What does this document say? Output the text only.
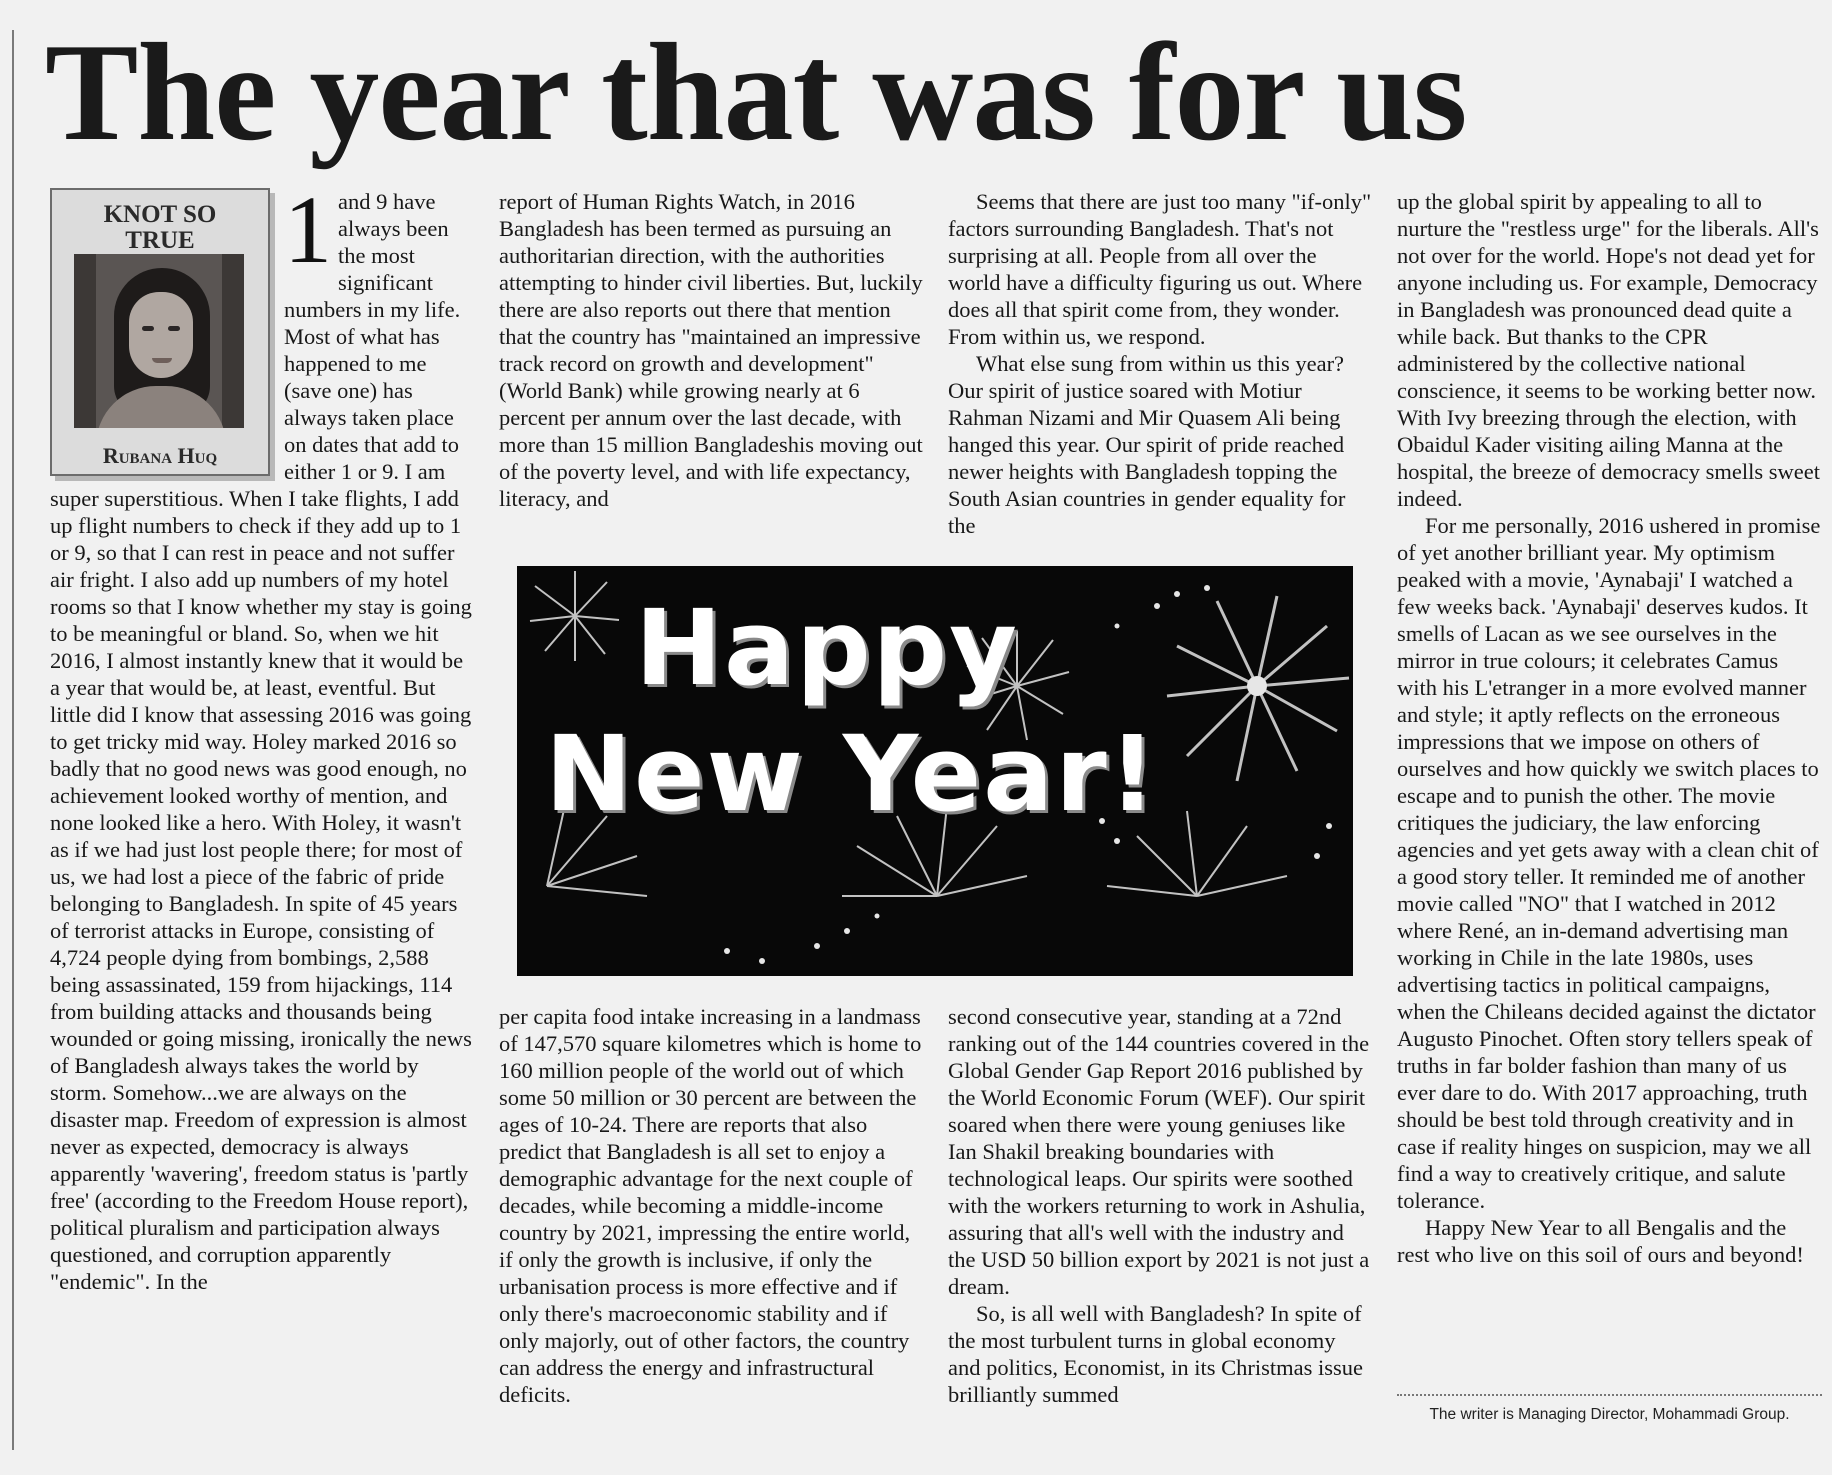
The year that was for us
KNOT SO
TRUE
Rubana Huq
1 and 9 have always been the most significant numbers in my life. Most of what has happened to me (save one) has always taken place on dates that add to either 1 or 9. I am super superstitious. When I take flights, I add up flight numbers to check if they add up to 1 or 9, so that I can rest in peace and not suffer air fright. I also add up numbers of my hotel rooms so that I know whether my stay is going to be meaningful or bland. So, when we hit 2016, I almost instantly knew that it would be a year that would be, at least, eventful. But little did I know that assessing 2016 was going to get tricky mid way. Holey marked 2016 so badly that no good news was good enough, no achievement looked worthy of mention, and none looked like a hero. With Holey, it wasn't as if we had just lost people there; for most of us, we had lost a piece of the fabric of pride belonging to Bangladesh. In spite of 45 years of terrorist attacks in Europe, consisting of 4,724 people dying from bombings, 2,588 being assassinated, 159 from hijackings, 114 from building attacks and thousands being wounded or going missing, ironically the news of Bangladesh always takes the world by storm. Somehow...we are always on the disaster map. Freedom of expression is almost never as expected, democracy is always apparently 'wavering', freedom status is 'partly free' (according to the Freedom House report), political pluralism and participation always questioned, and corruption apparently "endemic". In the

report of Human Rights Watch, in 2016 Bangladesh has been termed as pursuing an authoritarian direction, with the authorities attempting to hinder civil liberties. But, luckily there are also reports out there that mention that the country has "maintained an impressive track record on growth and development"(World Bank) while growing nearly at 6 percent per annum over the last decade, with more than 15 million Bangladeshis moving out of the poverty level, and with life expectancy, literacy, and

per capita food intake increasing in a landmass of 147,570 square kilometres which is home to 160 million people of the world out of which some 50 million or 30 percent are between the ages of 10-24. There are reports that also predict that Bangladesh is all set to enjoy a demographic advantage for the next couple of decades, while becoming a middle-income country by 2021, impressing the entire world, if only the growth is inclusive, if only the urbanisation process is more effective and if only there's macroeconomic stability and if only majorly, out of other factors, the country can address the energy and infrastructural deficits.

Seems that there are just too many "if-only" factors surrounding Bangladesh. That's not surprising at all. People from all over the world have a difficulty figuring us out. Where does all that spirit come from, they wonder. From within us, we respond.

What else sung from within us this year? Our spirit of justice soared with Motiur Rahman Nizami and Mir Quasem Ali being hanged this year. Our spirit of pride reached newer heights with Bangladesh topping the South Asian countries in gender equality for the

second consecutive year, standing at a 72nd ranking out of the 144 countries covered in the Global Gender Gap Report 2016 published by the World Economic Forum (WEF). Our spirit soared when there were young geniuses like Ian Shakil breaking boundaries with technological leaps. Our spirits were soothed with the workers returning to work in Ashulia, assuring that all's well with the industry and the USD 50 billion export by 2021 is not just a dream.

So, is all well with Bangladesh? In spite of the most turbulent turns in global economy and politics, Economist, in its Christmas issue brilliantly summed

up the global spirit by appealing to all to nurture the "restless urge" for the liberals. All's not over for the world. Hope's not dead yet for anyone including us. For example, Democracy in Bangladesh was pronounced dead quite a while back. But thanks to the CPR administered by the collective national conscience, it seems to be working better now. With Ivy breezing through the election, with Obaidul Kader visiting ailing Manna at the hospital, the breeze of democracy smells sweet indeed.

For me personally, 2016 ushered in promise of yet another brilliant year. My optimism peaked with a movie, 'Aynabaji' I watched a few weeks back. 'Aynabaji' deserves kudos. It smells of Lacan as we see ourselves in the mirror in true colours; it celebrates Camus with his L'etranger in a more evolved manner and style; it aptly reflects on the erroneous impressions that we impose on others of ourselves and how quickly we switch places to escape and to punish the other. The movie critiques the judiciary, the law enforcing agencies and yet gets away with a clean chit of a good story teller. It reminded me of another movie called "NO" that I watched in 2012 where René, an in-demand advertising man working in Chile in the late 1980s, uses advertising tactics in political campaigns, when the Chileans decided against the dictator Augusto Pinochet. Often story tellers speak of truths in far bolder fashion than many of us ever dare to do. With 2017 approaching, truth should be best told through creativity and in case if reality hinges on suspicion, may we all find a way to creatively critique, and salute tolerance.

Happy New Year to all Bengalis and the rest who live on this soil of ours and beyond!

Happy
New Year!
The writer is Managing Director, Mohammadi Group.
